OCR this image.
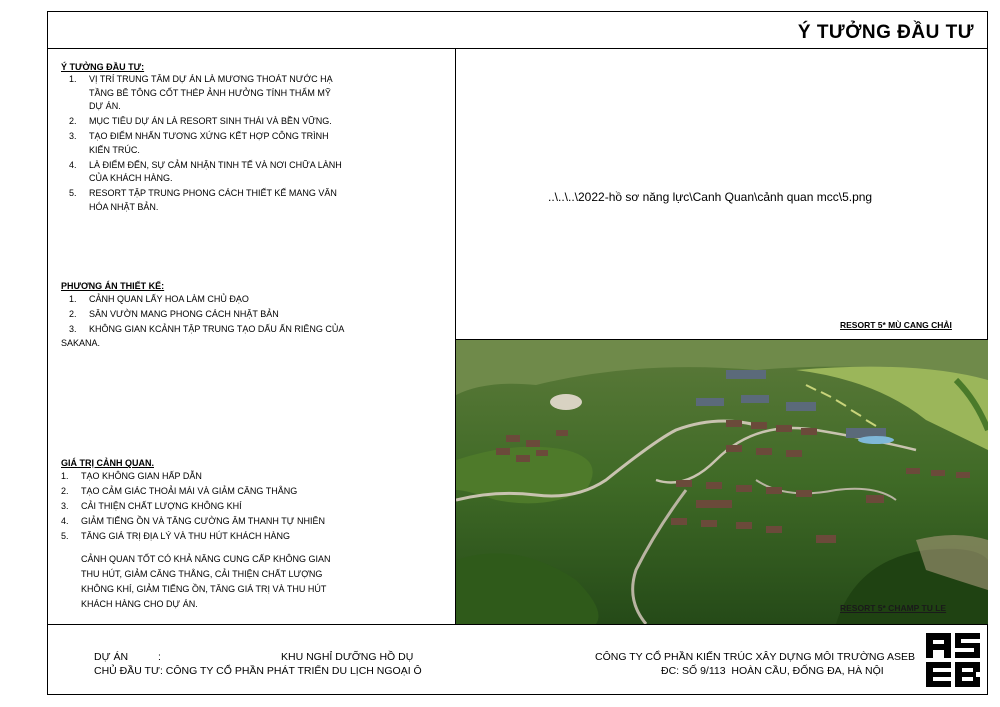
Ý TƯỞNG ĐẦU TƯ
Ý TƯỞNG ĐẦU TƯ:
1. VỊ TRÍ TRUNG TÂM DỰ ÁN LÀ MƯƠNG THOÁT NƯỚC HẠ
TẦNG BÊ TÔNG CỐT THÉP ẢNH HƯỞNG TÍNH THẨM MỸ
DỰ ÁN.
2. MỤC TIÊU DỰ ÁN LÀ RESORT SINH THÁI VÀ BỀN VỮNG.
3. TẠO ĐIỂM NHẤN TƯƠNG XỨNG KẾT HỢP CÔNG TRÌNH
KIẾN TRÚC.
4. LÀ ĐIỂM ĐẾN, SỰ CẢM NHẬN TINH TẾ VÀ NƠI CHỮA LÀNH
CỦA KHÁCH HÀNG.
5. RESORT TẬP TRUNG PHONG CÁCH THIẾT KẾ MANG VĂN
HÓA NHẬT BẢN.
PHƯƠNG ÁN THIẾT KẾ:
1. CẢNH QUAN LẤY HOA LÀM CHỦ ĐẠO
2. SÂN VƯỜN MANG PHONG CÁCH NHẬT BẢN
3. KHÔNG GIAN KCẢNH TẬP TRUNG TẠO DẤU ẤN RIÊNG CỦA
SAKANA.
GIÁ TRỊ CẢNH QUAN.
1. TẠO KHÔNG GIAN HẤP DẪN
2. TẠO CẢM GIÁC THOẢI MÁI VÀ GIẢM CĂNG THẲNG
3. CẢI THIỆN CHẤT LƯỢNG KHÔNG KHÍ
4. GIẢM TIẾNG ỒN VÀ TĂNG CƯỜNG ÂM THANH TỰ NHIÊN
5. TĂNG GIÁ TRỊ ĐỊA LÝ VÀ THU HÚT KHÁCH HÀNG
CẢNH QUAN TỐT CÓ KHẢ NĂNG CUNG CẤP KHÔNG GIAN
THU HÚT, GIẢM CĂNG THẲNG, CẢI THIỆN CHẤT LƯỢNG
KHÔNG KHÍ, GIẢM TIẾNG ỒN, TĂNG GIÁ TRỊ VÀ THU HÚT
KHÁCH HÀNG CHO DỰ ÁN.
..\..\..\2022-hồ sơ năng lực\Canh Quan\cảnh quan mcc\5.png
RESORT 5* MÙ CANG CHẢI
RESORT 5* CHAMP TU LE
DỰ ÁN	:	KHU NGHỈ DƯỠNG HỒ DỤ
CHỦ ĐẦU TƯ: CÔNG TY CỔ PHẦN PHÁT TRIỂN DU LỊCH NGOẠI Ô
CÔNG TY CỔ PHẦN KIẾN TRÚC XÂY DỰNG MÔI TRƯỜNG ASEB
ĐC: SỐ 9/113  HOÀN CẦU, ĐỐNG ĐA, HÀ NỘI
